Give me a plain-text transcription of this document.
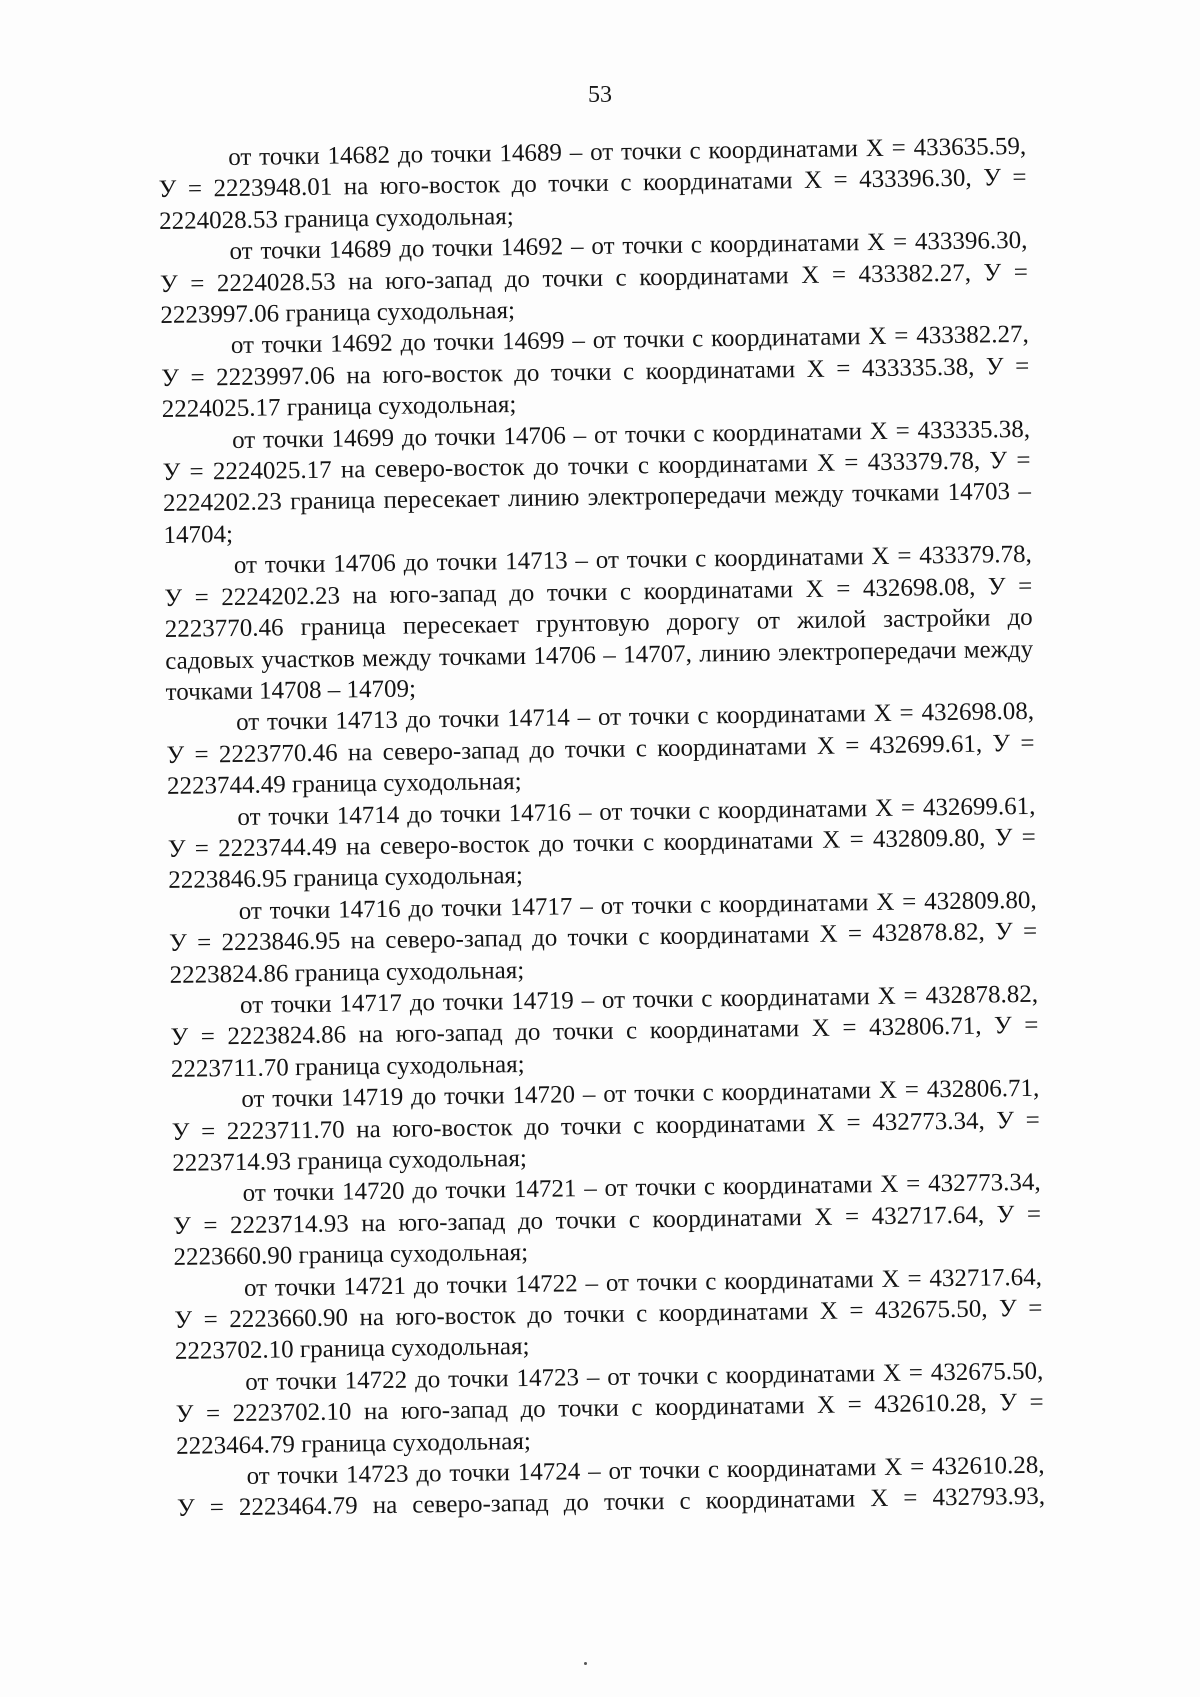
53

от точки 14682 до точки 14689 – от точки с координатами X = 433635.59, У = 2223948.01 на юго-восток до точки с координатами X = 433396.30, У = 2224028.53 граница суходольная;

от точки 14689 до точки 14692 – от точки с координатами X = 433396.30, У = 2224028.53 на юго-запад до точки с координатами X = 433382.27, У = 2223997.06 граница суходольная;

от точки 14692 до точки 14699 – от точки с координатами X = 433382.27, У = 2223997.06 на юго-восток до точки с координатами X = 433335.38, У = 2224025.17 граница суходольная;

от точки 14699 до точки 14706 – от точки с координатами X = 433335.38, У = 2224025.17 на северо-восток до точки с координатами X = 433379.78, У = 2224202.23 граница пересекает линию электропередачи между точками 14703 – 14704;

от точки 14706 до точки 14713 – от точки с координатами X = 433379.78, У = 2224202.23 на юго-запад до точки с координатами X = 432698.08, У = 2223770.46 граница пересекает грунтовую дорогу от жилой застройки до садовых участков между точками 14706 – 14707, линию электропередачи между точками 14708 – 14709;

от точки 14713 до точки 14714 – от точки с координатами X = 432698.08, У = 2223770.46 на северо-запад до точки с координатами X = 432699.61, У = 2223744.49 граница суходольная;

от точки 14714 до точки 14716 – от точки с координатами X = 432699.61, У = 2223744.49 на северо-восток до точки с координатами X = 432809.80, У = 2223846.95 граница суходольная;

от точки 14716 до точки 14717 – от точки с координатами X = 432809.80, У = 2223846.95 на северо-запад до точки с координатами X = 432878.82, У = 2223824.86 граница суходольная;

от точки 14717 до точки 14719 – от точки с координатами X = 432878.82, У = 2223824.86 на юго-запад до точки с координатами X = 432806.71, У = 2223711.70 граница суходольная;

от точки 14719 до точки 14720 – от точки с координатами X = 432806.71, У = 2223711.70 на юго-восток до точки с координатами X = 432773.34, У = 2223714.93 граница суходольная;

от точки 14720 до точки 14721 – от точки с координатами X = 432773.34, У = 2223714.93 на юго-запад до точки с координатами X = 432717.64, У = 2223660.90 граница суходольная;

от точки 14721 до точки 14722 – от точки с координатами X = 432717.64, У = 2223660.90 на юго-восток до точки с координатами X = 432675.50, У = 2223702.10 граница суходольная;

от точки 14722 до точки 14723 – от точки с координатами X = 432675.50, У = 2223702.10 на юго-запад до точки с координатами X = 432610.28, У = 2223464.79 граница суходольная;

от точки 14723 до точки 14724 – от точки с координатами X = 432610.28, У = 2223464.79 на северо-запад до точки с координатами X = 432793.93,
